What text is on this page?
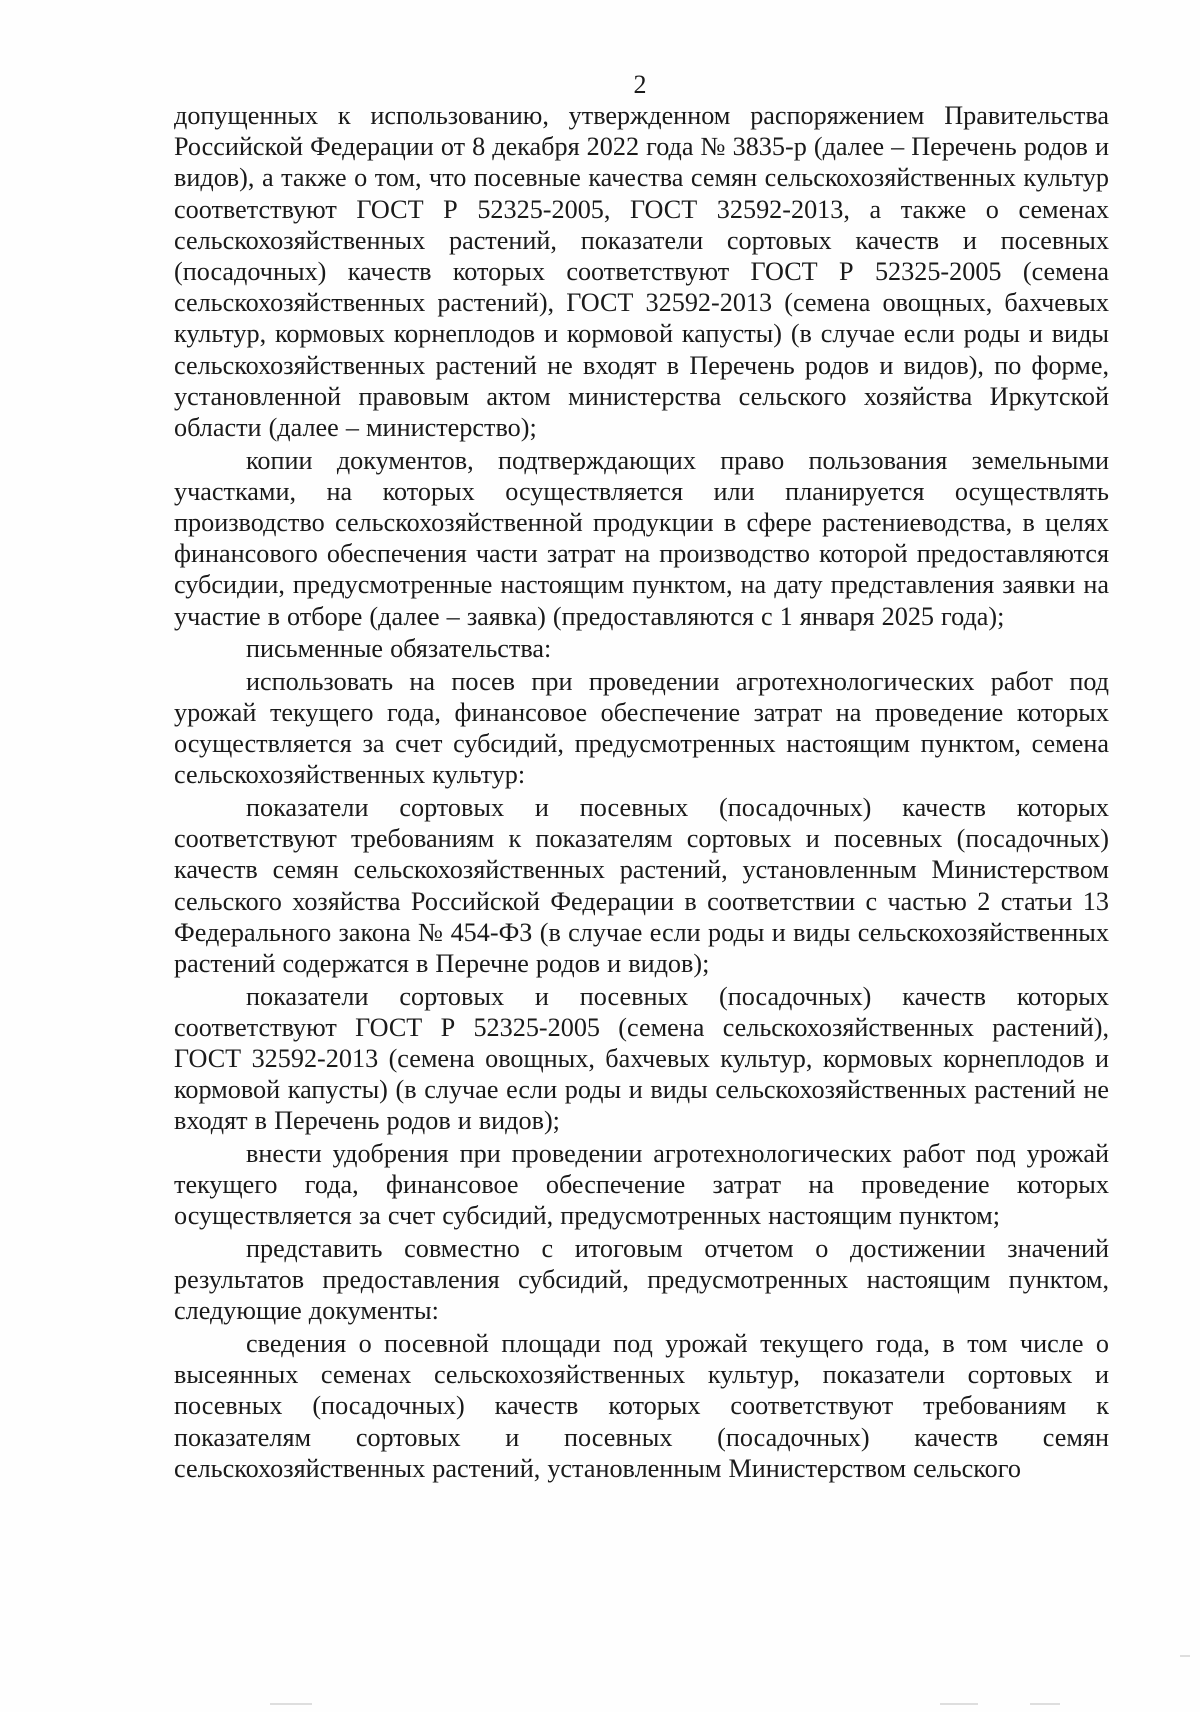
2

допущенных к использованию, утвержденном распоряжением Правительства Российской Федерации от 8 декабря 2022 года № 3835-р (далее – Перечень родов и видов), а также о том, что посевные качества семян сельскохозяйственных культур соответствуют ГОСТ Р 52325-2005, ГОСТ 32592-2013, а также о семенах сельскохозяйственных растений, показатели сортовых качеств и посевных (посадочных) качеств которых соответствуют ГОСТ Р 52325-2005 (семена сельскохозяйственных растений), ГОСТ 32592-2013 (семена овощных, бахчевых культур, кормовых корнеплодов и кормовой капусты) (в случае если роды и виды сельскохозяйственных растений не входят в Перечень родов и видов), по форме, установленной правовым актом министерства сельского хозяйства Иркутской области (далее – министерство);

копии документов, подтверждающих право пользования земельными участками, на которых осуществляется или планируется осуществлять производство сельскохозяйственной продукции в сфере растениеводства, в целях финансового обеспечения части затрат на производство которой предоставляются субсидии, предусмотренные настоящим пунктом, на дату представления заявки на участие в отборе (далее – заявка) (предоставляются с 1 января 2025 года);

письменные обязательства:

использовать на посев при проведении агротехнологических работ под урожай текущего года, финансовое обеспечение затрат на проведение которых осуществляется за счет субсидий, предусмотренных настоящим пунктом, семена сельскохозяйственных культур:

показатели сортовых и посевных (посадочных) качеств которых соответствуют требованиям к показателям сортовых и посевных (посадочных) качеств семян сельскохозяйственных растений, установленным Министерством сельского хозяйства Российской Федерации в соответствии с частью 2 статьи 13 Федерального закона № 454-ФЗ (в случае если роды и виды сельскохозяйственных растений содержатся в Перечне родов и видов);

показатели сортовых и посевных (посадочных) качеств которых соответствуют ГОСТ Р 52325-2005 (семена сельскохозяйственных растений), ГОСТ 32592-2013 (семена овощных, бахчевых культур, кормовых корнеплодов и кормовой капусты) (в случае если роды и виды сельскохозяйственных растений не входят в Перечень родов и видов);

внести удобрения при проведении агротехнологических работ под урожай текущего года, финансовое обеспечение затрат на проведение которых осуществляется за счет субсидий, предусмотренных настоящим пунктом;

представить совместно с итоговым отчетом о достижении значений результатов предоставления субсидий, предусмотренных настоящим пунктом, следующие документы:

сведения о посевной площади под урожай текущего года, в том числе о высеянных семенах сельскохозяйственных культур, показатели сортовых и посевных (посадочных) качеств которых соответствуют требованиям к показателям сортовых и посевных (посадочных) качеств семян сельскохозяйственных растений, установленным Министерством сельского
